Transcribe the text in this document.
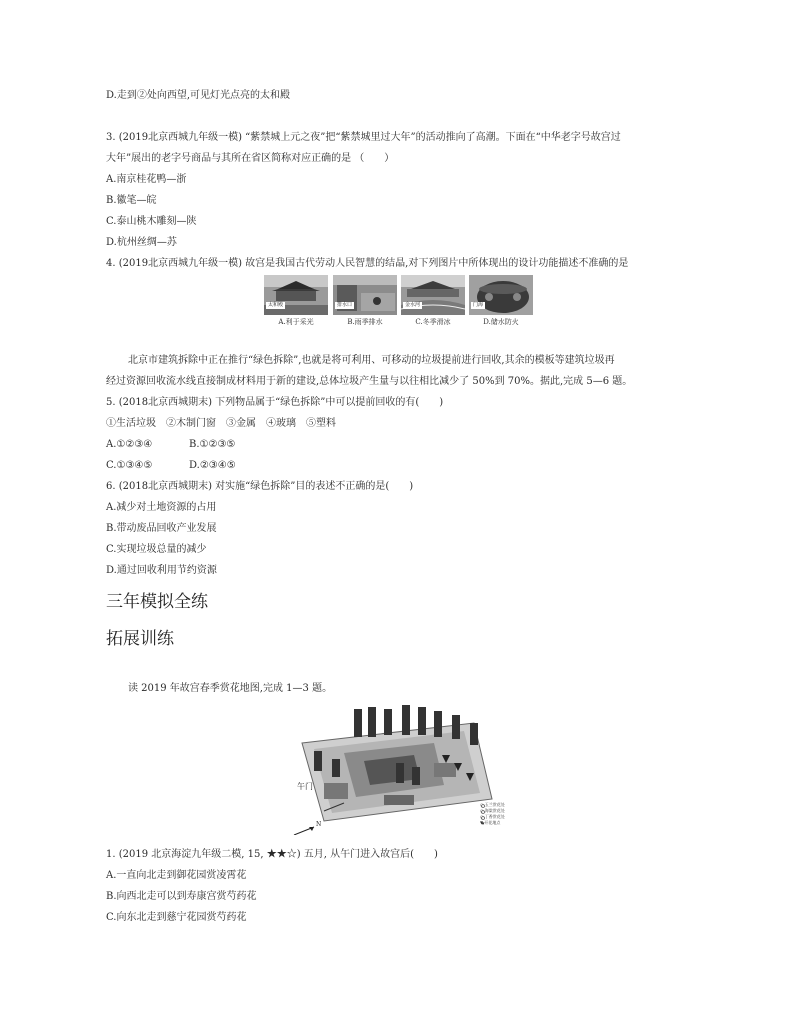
D.走到②处向西望,可见灯光点亮的太和殿
3. (2019北京西城九年级一模) “紫禁城上元之夜”把“紫禁城里过大年”的活动推向了高潮。下面在“中华老字号故宫过
大年”展出的老字号商品与其所在省区简称对应正确的是 （　　）
A.南京桂花鸭—浙
B.徽笔—皖
C.泰山桃木雕刻—陕
D.杭州丝绸—苏
4. (2019北京西城九年级一模) 故宫是我国古代劳动人民智慧的结晶,对下列图片中所体现出的设计功能描述不准确的是
太和殿
A.利于采光
排水口
B.雨季排水
金水河
C.冬季滑冰
门海
D.储水防火
北京市建筑拆除中正在推行“绿色拆除”,也就是将可利用、可移动的垃圾提前进行回收,其余的模板等建筑垃圾再
经过资源回收流水线直接制成材料用于新的建设,总体垃圾产生量与以往相比减少了 50%到 70%。据此,完成 5—6 题。
5. (2018北京西城期末) 下列物品属于“绿色拆除”中可以提前回收的有(　　)
①生活垃圾　②木制门窗　③金属　④玻璃　⑤塑料
A.①②③④	B.①②③⑤
C.①③④⑤	D.②③④⑤
6. (2018北京西城期末) 对实施“绿色拆除”目的表述不正确的是(　　)
A.减少对土地资源的占用
B.带动废品回收产业发展
C.实现垃圾总量的减少
D.通过回收利用节约资源
三年模拟全练
拓展训练
读 2019 年故宫春季赏花地图,完成 1—3 题。
午门
N
○ 玉兰赏花处
○ 海棠赏花处
○ 丁香赏花处
▼ 开花地点
1. (2019 北京海淀九年级二模, 15, ★★☆) 五月, 从午门进入故宫后(　　)
A.一直向北走到御花园赏凌霄花
B.向西北走可以到寿康宫赏芍药花
C.向东北走到慈宁花园赏芍药花
